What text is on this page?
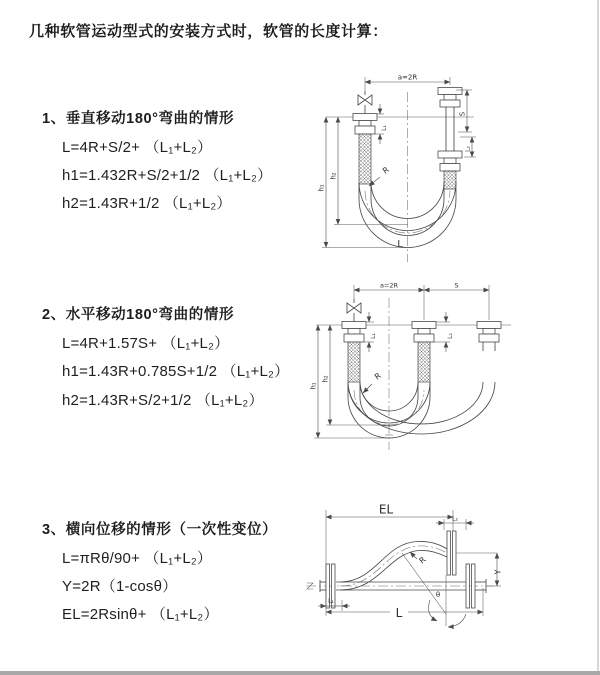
几种软管运动型式的安装方式时，软管的长度计算：
1、垂直移动180°弯曲的情形
L=4R+S/2+ （L₁+L₂）
h1=1.432R+S/2+1/2 （L₁+L₂）
h2=1.43R+1/2 （L₁+L₂）
2、水平移动180°弯曲的情形
L=4R+1.57S+ （L₁+L₂）
h1=1.43R+0.785S+1/2 （L₁+L₂）
h2=1.43R+S/2+1/2 （L₁+L₂）
3、横向位移的情形（一次性变位）
L=πRθ/90+ （L₁+L₂）
Y=2R（1-cosθ）
EL=2Rsinθ+ （L₁+L₂）
a=2R
h₁
h₂
L₁
S
L₂
R
L
a=2R	S
h₁
h₂
L₁	L₂
R
EL
L₂
Y
θ
R
L₁
L
